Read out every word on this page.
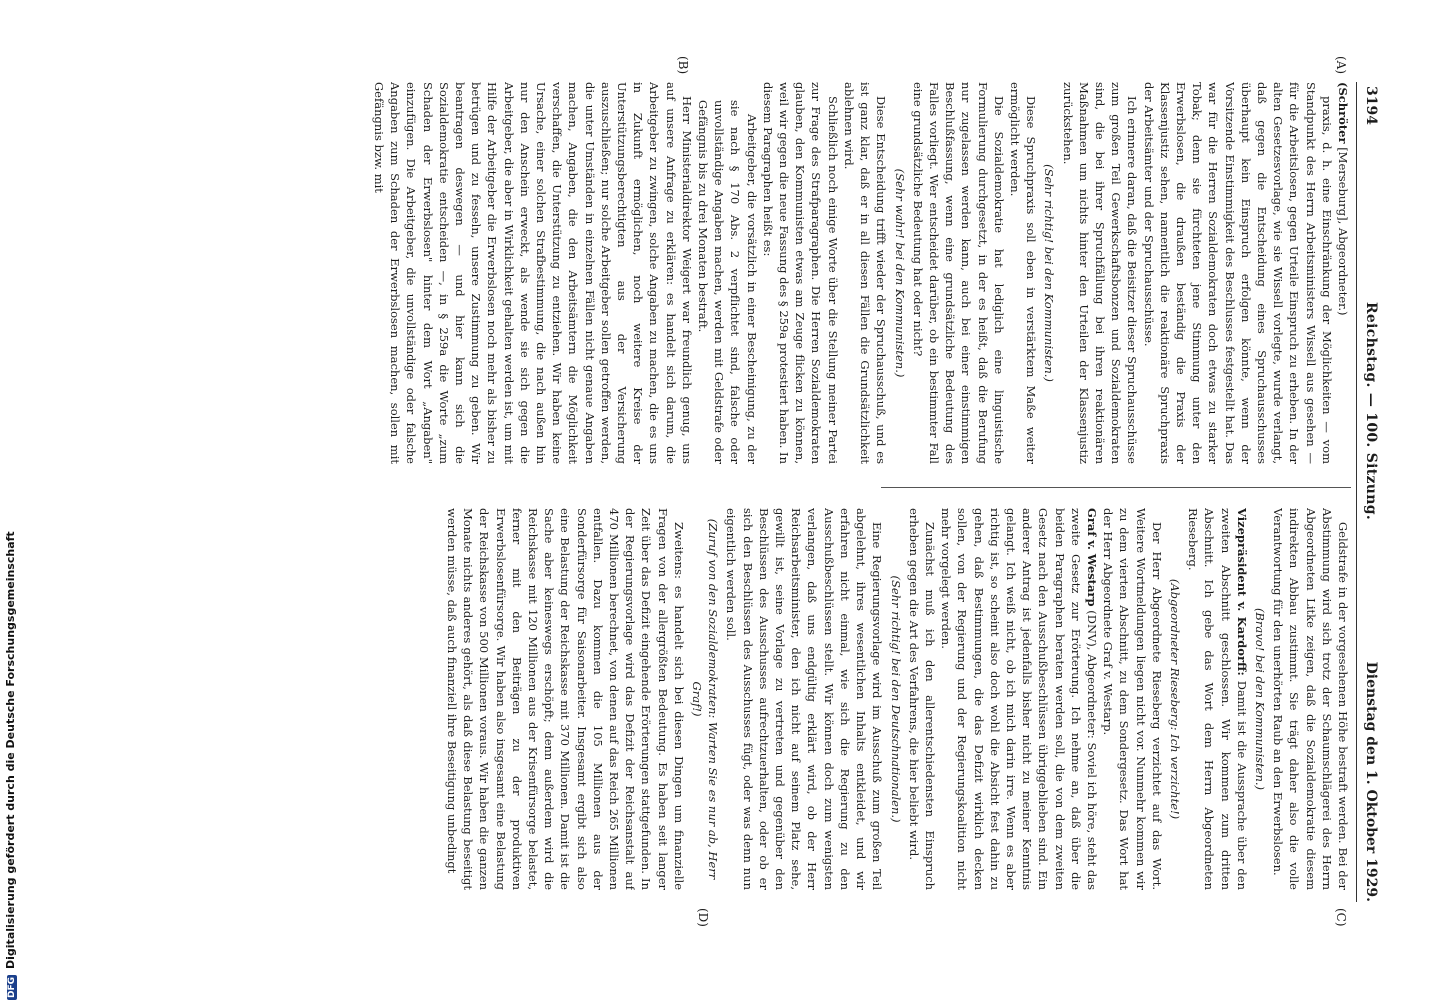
3194
Reichstag. — 100. Sitzung.
Dienstag den 1. Oktober 1929.
(A)
(B)
(C)
(D)

(Schröter [Merseburg], Abgeordneter.)

praxis, d. h. eine Einschränkung der Möglichkeiten — vom Standpunkt des Herrn Arbeitsministers Wissell aus gesehen — für die Arbeitslosen, gegen Urteile Einspruch zu erheben. In der alten Gesetzesvorlage, wie sie Wissell vorlegte, wurde verlangt, daß gegen die Entscheidung eines Spruchausschusses überhaupt kein Einspruch erfolgen könnte, wenn der Vorsitzende Einstimmigkeit des Beschlusses festgestellt hat. Das war für die Herren Sozialdemokraten doch etwas zu starker Tobak; denn sie fürchteten jene Stimmung unter den Erwerbslosen, die draußen beständig die Praxis der Klassenjustiz sehen, namentlich die reaktionäre Spruchpraxis der Arbeitsämter und der Spruchausschüsse.

Ich erinnere daran, daß die Beisitzer dieser Spruchausschüsse zum großen Teil Gewerkschaftsbonzen und Sozialdemokraten sind, die bei ihrer Spruchfällung bei ihren reaktionären Maßnahmen um nichts hinter den Urteilen der Klassenjustiz zurückstehen.

(Sehr richtig! bei den Kommunisten.)

Diese Spruchpraxis soll eben in verstärktem Maße weiter ermöglicht werden.

Die Sozialdemokratie hat lediglich eine linguistische Formulierung durchgesetzt, in der es heißt, daß die Berufung nur zugelassen werden kann, auch bei einer einstimmigen Beschlußfassung, wenn eine grundsätzliche Bedeutung des Falles vorliegt. Wer entscheidet darüber, ob ein bestimmter Fall eine grundsätzliche Bedeutung hat oder nicht?

(Sehr wahr! bei den Kommunisten.)

Diese Entscheidung trifft wieder der Spruchausschuß, und es ist ganz klar, daß er in all diesen Fällen die Grundsätzlichkeit ablehnen wird.

Schließlich noch einige Worte über die Stellung meiner Partei zur Frage des Strafparagraphen. Die Herren Sozialdemokraten glauben, den Kommunisten etwas am Zeuge flicken zu können, weil wir gegen die neue Fassung des § 259a protestiert haben. In diesem Paragraphen heißt es:

Arbeitgeber, die vorsätzlich in einer Bescheinigung, zu der sie nach § 170 Abs. 2 verpflichtet sind, falsche oder unvollständige Angaben machen, werden mit Geldstrafe oder Gefängnis bis zu drei Monaten bestraft.

Herr Ministerialdirektor Weigert war freundlich genug, uns auf unsere Anfrage zu erklären: es handelt sich darum, die Arbeitgeber zu zwingen, solche Angaben zu machen, die es uns in Zukunft ermöglichen, noch weitere Kreise der Unterstützungsberechtigten aus der Versicherung auszuschließen; nur solche Arbeitgeber sollen getroffen werden, die unter Umständen in einzelnen Fällen nicht genaue Angaben machen, Angaben, die den Arbeitsämtern die Möglichkeit verschaffen, die Unterstützung zu entziehen. Wir haben keine Ursache, einer solchen Strafbestimmung, die nach außen hin nur den Anschein erweckt, als wende sie sich gegen die Arbeitgeber, die aber in Wirklichkeit gehalten werden ist, um mit Hilfe der Arbeitgeber die Erwerbslosen noch mehr als bisher zu betrügen und zu fesseln, unsere Zustimmung zu geben. Wir beantragen deswegen — und hier kann sich die Sozialdemokratie entscheiden —, in § 259a die Worte „zum Schaden der Erwerbslosen" hinter dem Wort „Angaben" einzufügen. Die Arbeitgeber, die unvollständige oder falsche Angaben zum Schaden der Erwerbslosen machen, sollen mit Gefängnis bzw. mit

Geldstrafe in der vorgesehenen Höhe bestraft werden. Bei der Abstimmung wird sich trotz der Schaumschlägerei des Herrn Abgeordneten Litke zeigen, daß die Sozialdemokratie diesem indirekten Abbau zustimmt. Sie trägt daher also die volle Verantwortung für den unerhörten Raub an den Erwerbslosen.

(Bravo! bei den Kommunisten.)

Vizepräsident v. Kardorff: Damit ist die Aussprache über den zweiten Abschnitt geschlossen. Wir kommen zum dritten Abschnitt. Ich gebe das Wort dem Herrn Abgeordneten Rieseberg.

(Abgeordneter Rieseberg: Ich verzichte!)

Der Herr Abgeordnete Rieseberg verzichtet auf das Wort. Weitere Wortmeldungen liegen nicht vor. Nunmehr kommen wir zu dem vierten Abschnitt, zu dem Sondergesetz. Das Wort hat der Herr Abgeordnete Graf v. Westarp.

Graf v. Westarp (DNV), Abgeordneter: Soviel ich höre, steht das zweite Gesetz zur Erörterung. Ich nehme an, daß über die beiden Paragraphen beraten werden soll, die von dem zweiten Gesetz nach den Ausschußbeschlüssen übriggeblieben sind. Ein anderer Antrag ist jedenfalls bisher nicht zu meiner Kenntnis gelangt. Ich weiß nicht, ob ich mich darin irre. Wenn es aber richtig ist, so scheint also doch wohl die Absicht fest dahin zu gehen, daß Bestimmungen, die das Defizit wirklich decken sollen, von der Regierung und der Regierungskoalition nicht mehr vorgelegt werden.

Zunächst muß ich den allerentschiedensten Einspruch erheben gegen die Art des Verfahrens, die hier beliebt wird.

(Sehr richtig! bei den Deutschnationalen.)

Eine Regierungsvorlage wird im Ausschuß zum großen Teil abgelehnt, ihres wesentlichen Inhalts entkleidet, und wir erfahren nicht einmal, wie sich die Regierung zu den Ausschußbeschlüssen stellt. Wir können doch zum wenigsten verlangen, daß uns endgültig erklärt wird, ob der Herr Reichsarbeitsminister, den ich nicht auf seinem Platz sehe, gewillt ist, seine Vorlage zu vertreten und gegenüber den Beschlüssen des Ausschusses aufrechtzuerhalten, oder ob er sich den Beschlüssen des Ausschusses fügt, oder was denn nun eigentlich werden soll.

(Zuruf von den Sozialdemokraten: Warten Sie es nur ab, Herr Graf!)

Zweitens: es handelt sich bei diesen Dingen um finanzielle Fragen von der allergrößten Bedeutung. Es haben seit langer Zeit über das Defizit eingehende Erörterungen stattgefunden. In der Regierungsvorlage wird das Defizit der Reichsanstalt auf 470 Millionen berechnet, von denen auf das Reich 265 Millionen entfallen. Dazu kommen die 105 Millionen aus der Sonderfürsorge für Saisonarbeiter. Insgesamt ergibt sich also eine Belastung der Reichskasse mit 370 Millionen. Damit ist die Sache aber keineswegs erschöpft; denn außerdem wird die Reichskasse mit 120 Millionen aus der Krisenfürsorge belastet, ferner mit den Beiträgen zu der produktiven Erwerbslosenfürsorge. Wir haben also insgesamt eine Belastung der Reichskasse von 500 Millionen voraus. Wir haben die ganzen Monate nichts anderes gehört, als daß diese Belastung beseitigt werden müsse, daß auch finanziell ihre Beseitigung unbedingt

DFGDigitalisierung gefördert durch die Deutsche Forschungsgemeinschaft
